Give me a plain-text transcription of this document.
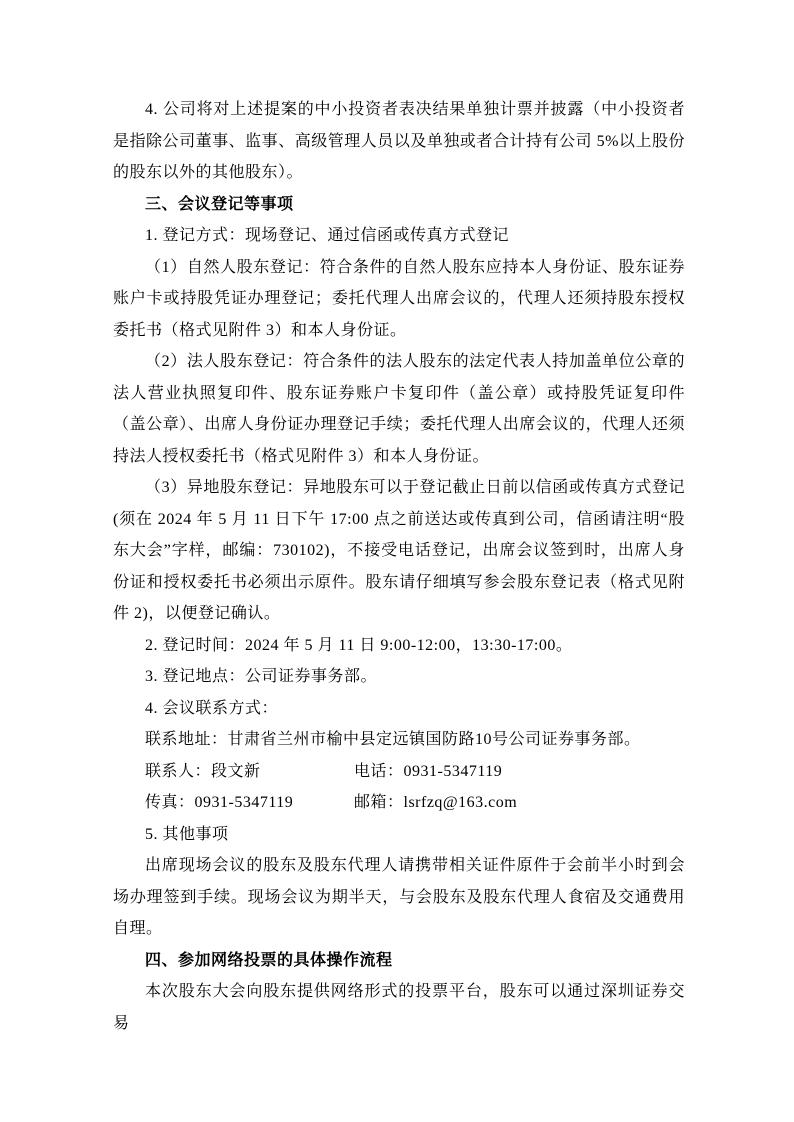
4. 公司将对上述提案的中小投资者表决结果单独计票并披露（中小投资者是指除公司董事、监事、高级管理人员以及单独或者合计持有公司 5%以上股份的股东以外的其他股东）。

三、会议登记等事项

1. 登记方式：现场登记、通过信函或传真方式登记

（1）自然人股东登记：符合条件的自然人股东应持本人身份证、股东证券账户卡或持股凭证办理登记；委托代理人出席会议的，代理人还须持股东授权委托书（格式见附件 3）和本人身份证。

（2）法人股东登记：符合条件的法人股东的法定代表人持加盖单位公章的法人营业执照复印件、股东证券账户卡复印件（盖公章）或持股凭证复印件（盖公章）、出席人身份证办理登记手续；委托代理人出席会议的，代理人还须持法人授权委托书（格式见附件 3）和本人身份证。

（3）异地股东登记：异地股东可以于登记截止日前以信函或传真方式登记(须在 2024 年 5 月 11 日下午 17:00 点之前送达或传真到公司，信函请注明“股东大会”字样，邮编：730102)，不接受电话登记，出席会议签到时，出席人身份证和授权委托书必须出示原件。股东请仔细填写参会股东登记表（格式见附件 2)，以便登记确认。

2. 登记时间：2024 年 5 月 11 日 9:00-12:00，13:30-17:00。

3. 登记地点：公司证券事务部。

4. 会议联系方式：

联系地址：甘肃省兰州市榆中县定远镇国防路10号公司证券事务部。

联系人：段文新	电话：0931-5347119

传真：0931-5347119	邮箱：lsrfzq@163.com

5. 其他事项

出席现场会议的股东及股东代理人请携带相关证件原件于会前半小时到会场办理签到手续。现场会议为期半天，与会股东及股东代理人食宿及交通费用自理。

四、参加网络投票的具体操作流程

本次股东大会向股东提供网络形式的投票平台，股东可以通过深圳证券交易
